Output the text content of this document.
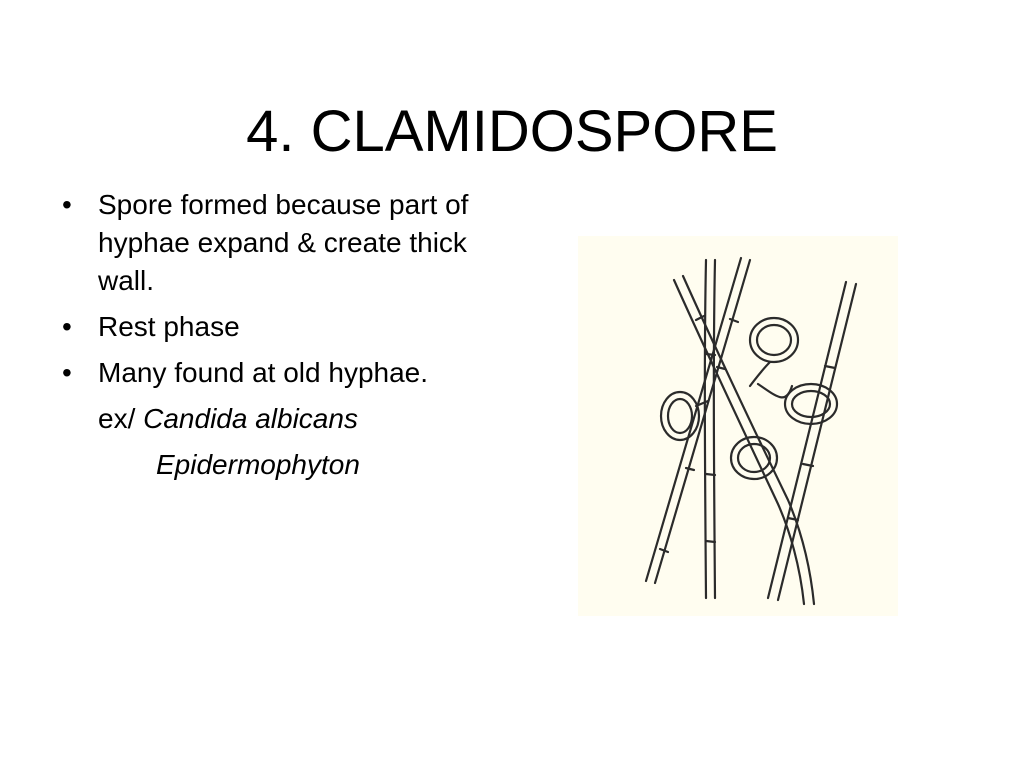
4. CLAMIDOSPORE
• Spore formed because part of hyphae expand & create thick wall.
• Rest phase
• Many found at old hyphae.
ex/ Candida albicans
Epidermophyton
